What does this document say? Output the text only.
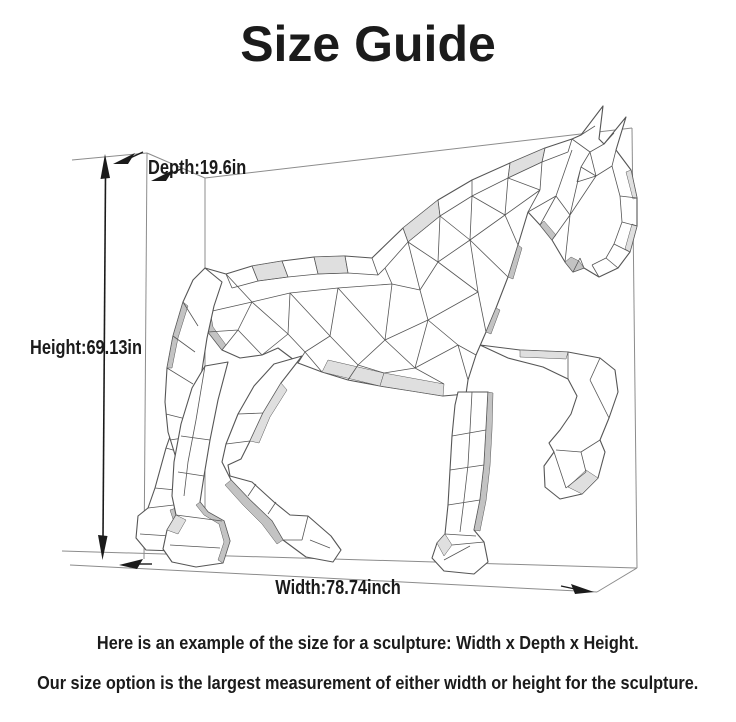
Size Guide
Depth:19.6in
Height:69.13in
Width:78.74inch
Here is an example of the size for a sculpture: Width x Depth x Height.
Our size option is the largest measurement of either width or height for the sculpture.
